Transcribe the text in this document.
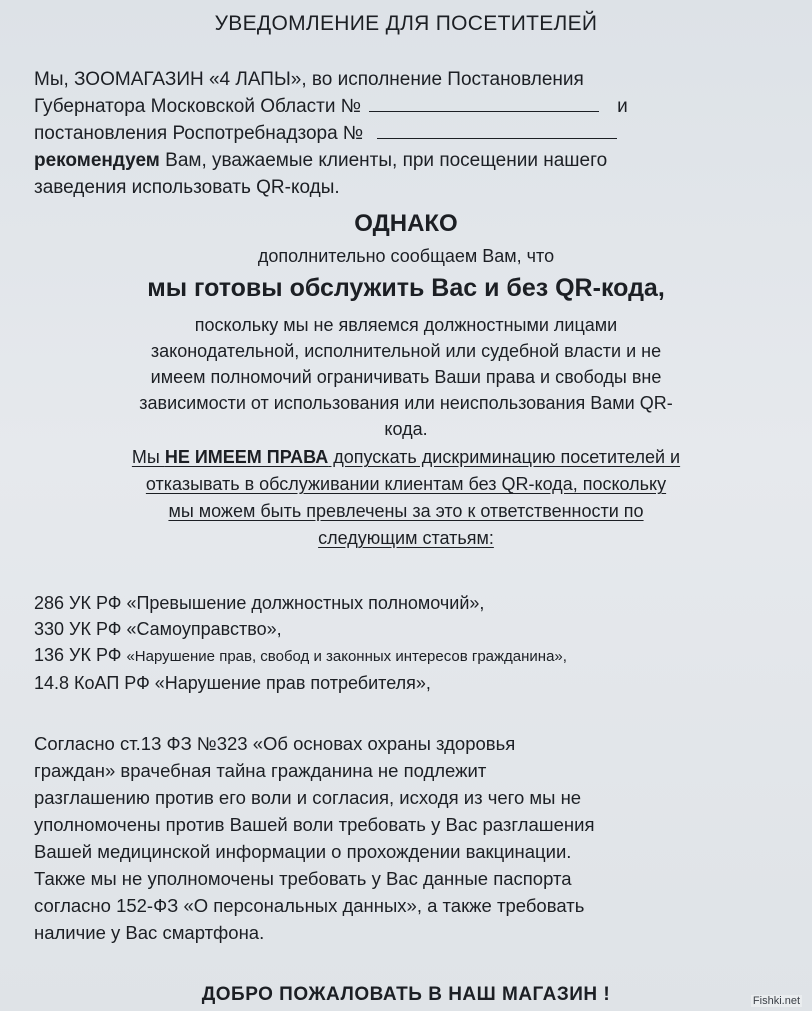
УВЕДОМЛЕНИЕ ДЛЯ ПОСЕТИТЕЛЕЙ
Мы, ЗООМАГАЗИН «4 ЛАПЫ», во исполнение Постановления
Губернатора Московской Области №	и
постановления Роспотребнадзора №
рекомендуем Вам, уважаемые клиенты, при посещении нашего
заведения использовать QR-коды.
ОДНАКО
дополнительно сообщаем Вам, что
мы готовы обслужить Вас и без QR-кода,
поскольку мы не являемся должностными лицами
законодательной, исполнительной или судебной власти и не
имеем полномочий ограничивать Ваши права и свободы вне
зависимости от использования или неиспользования Вами QR-
кода.
Мы НЕ ИМЕЕМ ПРАВА допускать дискриминацию посетителей и
отказывать в обслуживании клиентам без QR-кода, поскольку
мы можем быть превлечены за это к ответственности по
следующим статьям:
286 УК РФ «Превышение должностных полномочий»,
330 УК РФ «Самоуправство»,
136 УК РФ «Нарушение прав, свобод и законных интересов гражданина»,
14.8 КоАП РФ «Нарушение прав потребителя»,
Согласно ст.13 ФЗ №323 «Об основах охраны здоровья
граждан» врачебная тайна гражданина не подлежит
разглашению против его воли и согласия, исходя из чего мы не
уполномочены против Вашей воли требовать у Вас разглашения
Вашей медицинской информации о прохождении вакцинации.
Также мы не уполномочены требовать у Вас данные паспорта
согласно 152-ФЗ «О персональных данных», а также требовать
наличие у Вас смартфона.
ДОБРО ПОЖАЛОВАТЬ В НАШ МАГАЗИН !	Fishki.net
